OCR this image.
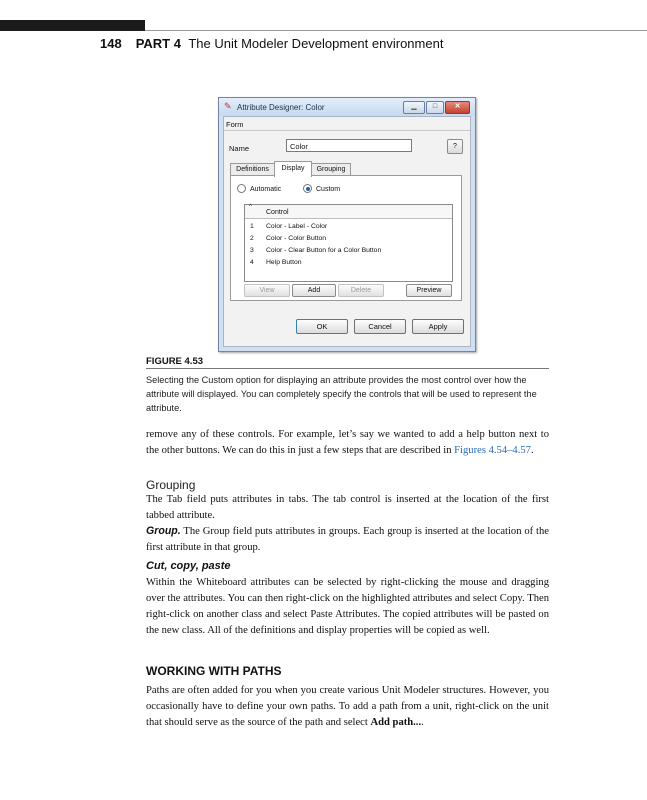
148 PART 4 The Unit Modeler Development environment
✎ Attribute Designer: Color	▁	□	✕
Form
Name	Color	?
Definitions	Display	Grouping
Automatic	Custom
^
Control
1 Color - Label - Color
2 Color - Color Button
3 Color - Clear Button for a Color Button
4 Help Button
View	Add	Delete	Preview
OK	Cancel	Apply
FIGURE 4.53
Selecting the Custom option for displaying an attribute provides the most control over how the attribute will displayed. You can completely specify the controls that will be used to represent the attribute.
remove any of these controls. For example, let’s say we wanted to add a help button next to the other buttons. We can do this in just a few steps that are described in Figures 4.54–4.57.
Grouping
The Tab field puts attributes in tabs. The tab control is inserted at the location of the first tabbed attribute.
Group. The Group field puts attributes in groups. Each group is inserted at the location of the first attribute in that group.
Cut, copy, paste
Within the Whiteboard attributes can be selected by right-clicking the mouse and dragging over the attributes. You can then right-click on the highlighted attributes and select Copy. Then right-click on another class and select Paste Attributes. The copied attributes will be pasted on the new class. All of the definitions and display properties will be copied as well.
WORKING WITH PATHS
Paths are often added for you when you create various Unit Modeler structures. However, you occasionally have to define your own paths. To add a path from a unit, right-click on the unit that should serve as the source of the path and select Add path....
